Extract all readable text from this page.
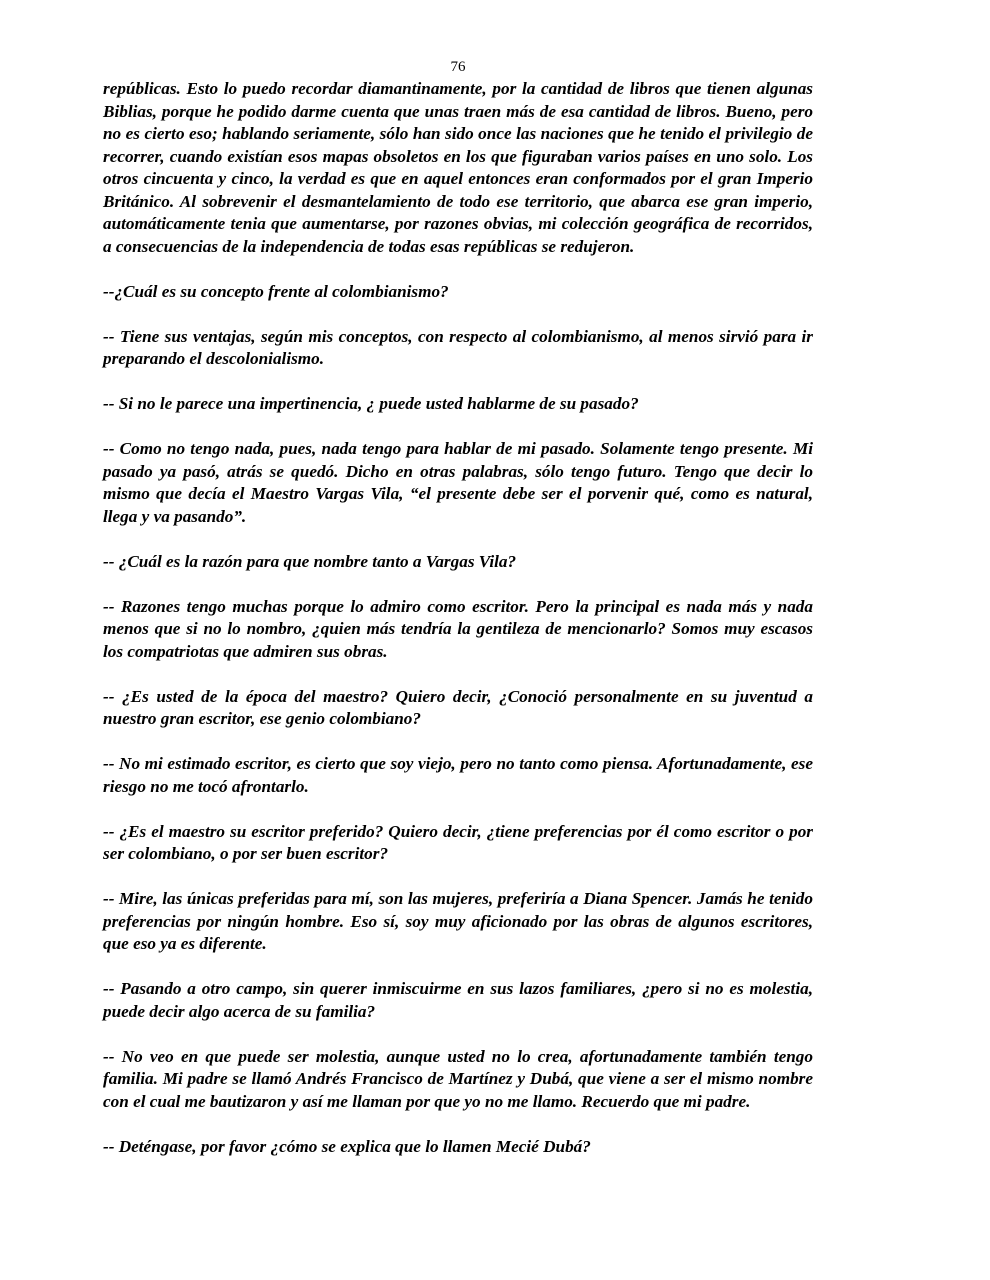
76

repúblicas. Esto lo puedo recordar diamantinamente, por la cantidad de libros que tienen algunas Biblias, porque he podido darme cuenta que unas traen más de esa cantidad de libros. Bueno, pero no es cierto eso; hablando seriamente, sólo han sido once las naciones que he tenido el privilegio de recorrer, cuando existían esos mapas obsoletos en los que figuraban varios países en uno solo. Los otros cincuenta y cinco, la verdad es que en aquel entonces eran conformados por el gran Imperio Británico. Al sobrevenir el desmantelamiento de todo ese territorio, que abarca ese gran imperio, automáticamente tenia que aumentarse, por razones obvias, mi colección geográfica de recorridos, a consecuencias de la independencia de todas esas repúblicas se redujeron.

--¿Cuál es su concepto frente al colombianismo?

-- Tiene sus ventajas, según mis conceptos, con respecto al colombianismo, al menos sirvió para ir preparando el descolonialismo.

-- Si no le parece una impertinencia, ¿ puede usted hablarme de su pasado?

-- Como no tengo nada, pues, nada tengo para hablar de mi pasado. Solamente tengo presente. Mi pasado ya pasó, atrás se quedó. Dicho en otras palabras, sólo tengo futuro. Tengo que decir lo mismo que decía el Maestro Vargas Vila, “el presente debe ser el porvenir qué, como es natural, llega y va pasando”.

-- ¿Cuál es la razón para que nombre tanto a Vargas Vila?

-- Razones tengo muchas porque lo admiro como escritor. Pero la principal es nada más y nada menos que si no lo nombro, ¿quien más tendría la gentileza de mencionarlo? Somos muy escasos los compatriotas que admiren sus obras.

-- ¿Es usted de la época del maestro? Quiero decir, ¿Conoció personalmente en su juventud a nuestro gran escritor, ese genio colombiano?

-- No mi estimado escritor, es cierto que soy viejo, pero no tanto como piensa. Afortunadamente, ese riesgo no me tocó afrontarlo.

-- ¿Es el maestro su escritor preferido? Quiero decir, ¿tiene preferencias por él como escritor o por ser colombiano, o por ser buen escritor?

-- Mire, las únicas preferidas para mí, son las mujeres, preferiría a Diana Spencer. Jamás he tenido preferencias por ningún hombre. Eso sí, soy muy aficionado por las obras de algunos escritores, que eso ya es diferente.

-- Pasando a otro campo, sin querer inmiscuirme en sus lazos familiares, ¿pero si no es molestia, puede decir algo acerca de su familia?

-- No veo en que puede ser molestia, aunque usted no lo crea, afortunadamente también tengo familia. Mi padre se llamó Andrés Francisco de Martínez y Dubá, que viene a ser el mismo nombre con el cual me bautizaron y así me llaman por que yo no me llamo. Recuerdo que mi padre.

-- Deténgase, por favor ¿cómo se explica que lo llamen Mecié Dubá?
